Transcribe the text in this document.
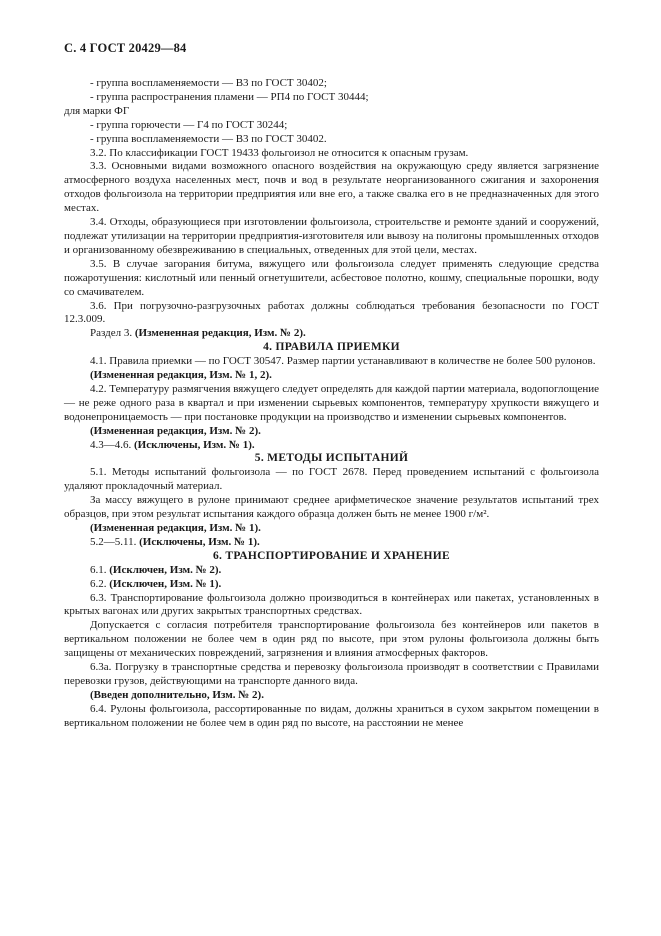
С. 4 ГОСТ 20429—84

- группа воспламеняемости — В3 по ГОСТ 30402;

- группа распространения пламени — РП4 по ГОСТ 30444;

для марки ФГ

- группа горючести — Г4 по ГОСТ 30244;

- группа воспламеняемости — В3 по ГОСТ 30402.

3.2. По классификации ГОСТ 19433 фольгоизол не относится к опасным грузам.

3.3. Основными видами возможного опасного воздействия на окружающую среду является загрязнение атмосферного воздуха населенных мест, почв и вод в результате неорганизованного сжигания и захоронения отходов фольгоизола на территории предприятия или вне его, а также свалка его в не предназначенных для этого местах.

3.4. Отходы, образующиеся при изготовлении фольгоизола, строительстве и ремонте зданий и сооружений, подлежат утилизации на территории предприятия-изготовителя или вывозу на полигоны промышленных отходов и организованному обезвреживанию в специальных, отведенных для этой цели, местах.

3.5. В случае загорания битума, вяжущего или фольгоизола следует применять следующие средства пожаротушения: кислотный или пенный огнетушители, асбестовое полотно, кошму, специальные порошки, воду со смачивателем.

3.6. При погрузочно-разгрузочных работах должны соблюдаться требования безопасности по ГОСТ 12.3.009.

Раздел 3. (Измененная редакция, Изм. № 2).

4. ПРАВИЛА ПРИЕМКИ

4.1. Правила приемки — по ГОСТ 30547. Размер партии устанавливают в количестве не более 500 рулонов.

(Измененная редакция, Изм. № 1, 2).

4.2. Температуру размягчения вяжущего следует определять для каждой партии материала, водопоглощение — не реже одного раза в квартал и при изменении сырьевых компонентов, температуру хрупкости вяжущего и водонепроницаемость — при постановке продукции на производство и изменении сырьевых компонентов.

(Измененная редакция, Изм. № 2).

4.3—4.6. (Исключены, Изм. № 1).

5. МЕТОДЫ ИСПЫТАНИЙ

5.1. Методы испытаний фольгоизола — по ГОСТ 2678. Перед проведением испытаний с фольгоизола удаляют прокладочный материал.

За массу вяжущего в рулоне принимают среднее арифметическое значение результатов испытаний трех образцов, при этом результат испытания каждого образца должен быть не менее 1900 г/м².

(Измененная редакция, Изм. № 1).

5.2—5.11. (Исключены, Изм. № 1).

6. ТРАНСПОРТИРОВАНИЕ И ХРАНЕНИЕ

6.1. (Исключен, Изм. № 2).

6.2. (Исключен, Изм. № 1).

6.3. Транспортирование фольгоизола должно производиться в контейнерах или пакетах, установленных в крытых вагонах или других закрытых транспортных средствах.

Допускается с согласия потребителя транспортирование фольгоизола без контейнеров или пакетов в вертикальном положении не более чем в один ряд по высоте, при этом рулоны фольгоизола должны быть защищены от механических повреждений, загрязнения и влияния атмосферных факторов.

6.3а. Погрузку в транспортные средства и перевозку фольгоизола производят в соответствии с Правилами перевозки грузов, действующими на транспорте данного вида.

(Введен дополнительно, Изм. № 2).

6.4. Рулоны фольгоизола, рассортированные по видам, должны храниться в сухом закрытом помещении в вертикальном положении не более чем в один ряд по высоте, на расстоянии не менее
